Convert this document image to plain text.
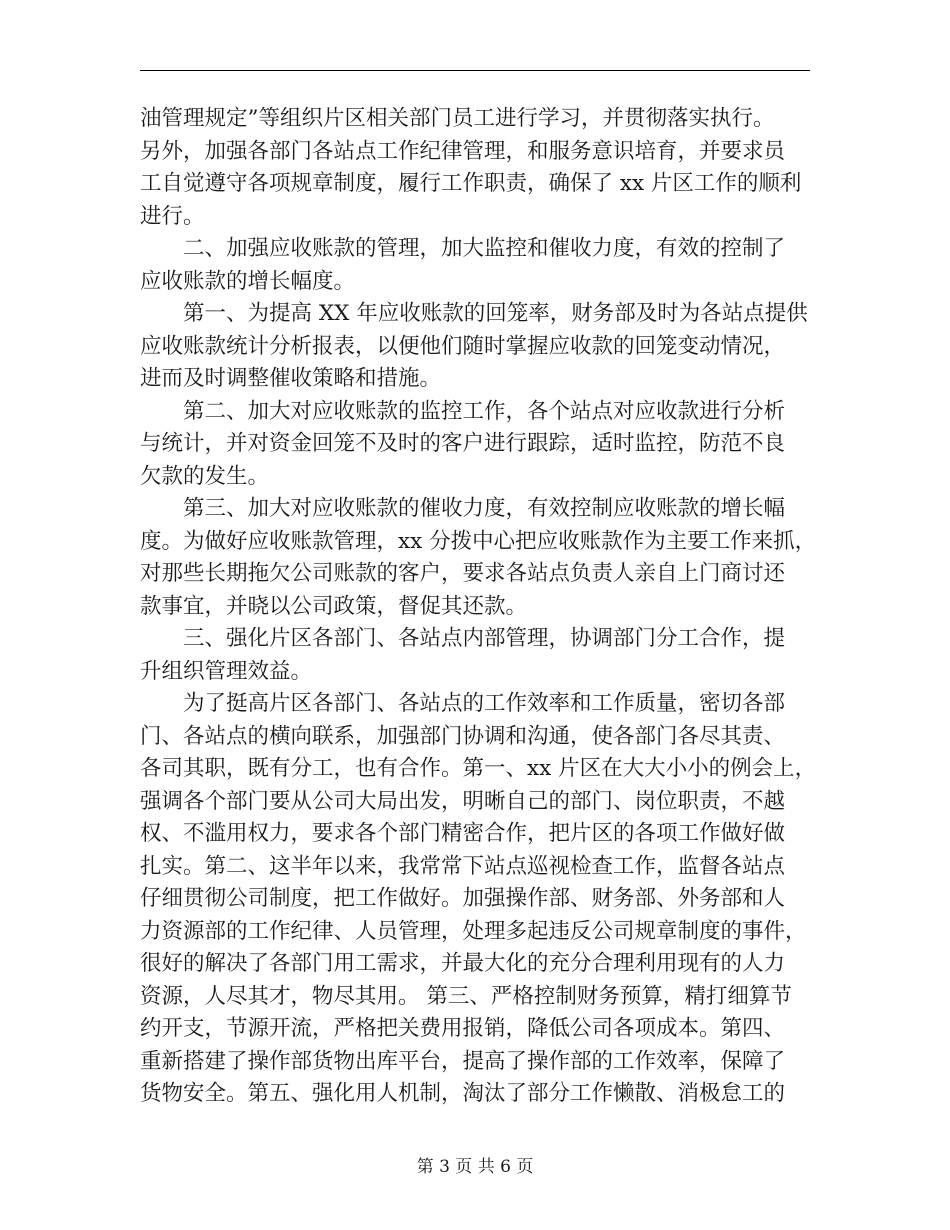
油管理规定”等组织片区相关部门员工进行学习，并贯彻落实执行。
另外，加强各部门各站点工作纪律管理，和服务意识培育，并要求员
工自觉遵守各项规章制度，履行工作职责，确保了 xx 片区工作的顺利
进行。
二、加强应收账款的管理，加大监控和催收力度，有效的控制了
应收账款的增长幅度。
第一、为提高 XX 年应收账款的回笼率，财务部及时为各站点提供
应收账款统计分析报表，以便他们随时掌握应收款的回笼变动情况，
进而及时调整催收策略和措施。
第二、加大对应收账款的监控工作，各个站点对应收款进行分析
与统计，并对资金回笼不及时的客户进行跟踪，适时监控，防范不良
欠款的发生。
第三、加大对应收账款的催收力度，有效控制应收账款的增长幅
度。为做好应收账款管理，xx 分拨中心把应收账款作为主要工作来抓，
对那些长期拖欠公司账款的客户，要求各站点负责人亲自上门商讨还
款事宜，并晓以公司政策，督促其还款。
三、强化片区各部门、各站点内部管理，协调部门分工合作，提
升组织管理效益。
为了挺高片区各部门、各站点的工作效率和工作质量，密切各部
门、各站点的横向联系，加强部门协调和沟通，使各部门各尽其责、
各司其职，既有分工，也有合作。第一、xx 片区在大大小小的例会上，
强调各个部门要从公司大局出发，明晰自己的部门、岗位职责，不越
权、不滥用权力，要求各个部门精密合作，把片区的各项工作做好做
扎实。第二、这半年以来，我常常下站点巡视检查工作，监督各站点
仔细贯彻公司制度，把工作做好。加强操作部、财务部、外务部和人
力资源部的工作纪律、人员管理，处理多起违反公司规章制度的事件，
很好的解决了各部门用工需求，并最大化的充分合理利用现有的人力
资源，人尽其才，物尽其用。 第三、严格控制财务预算，精打细算节
约开支，节源开流，严格把关费用报销，降低公司各项成本。第四、
重新搭建了操作部货物出库平台，提高了操作部的工作效率，保障了
货物安全。第五、强化用人机制，淘汰了部分工作懒散、消极怠工的
第 3 页 共 6 页
